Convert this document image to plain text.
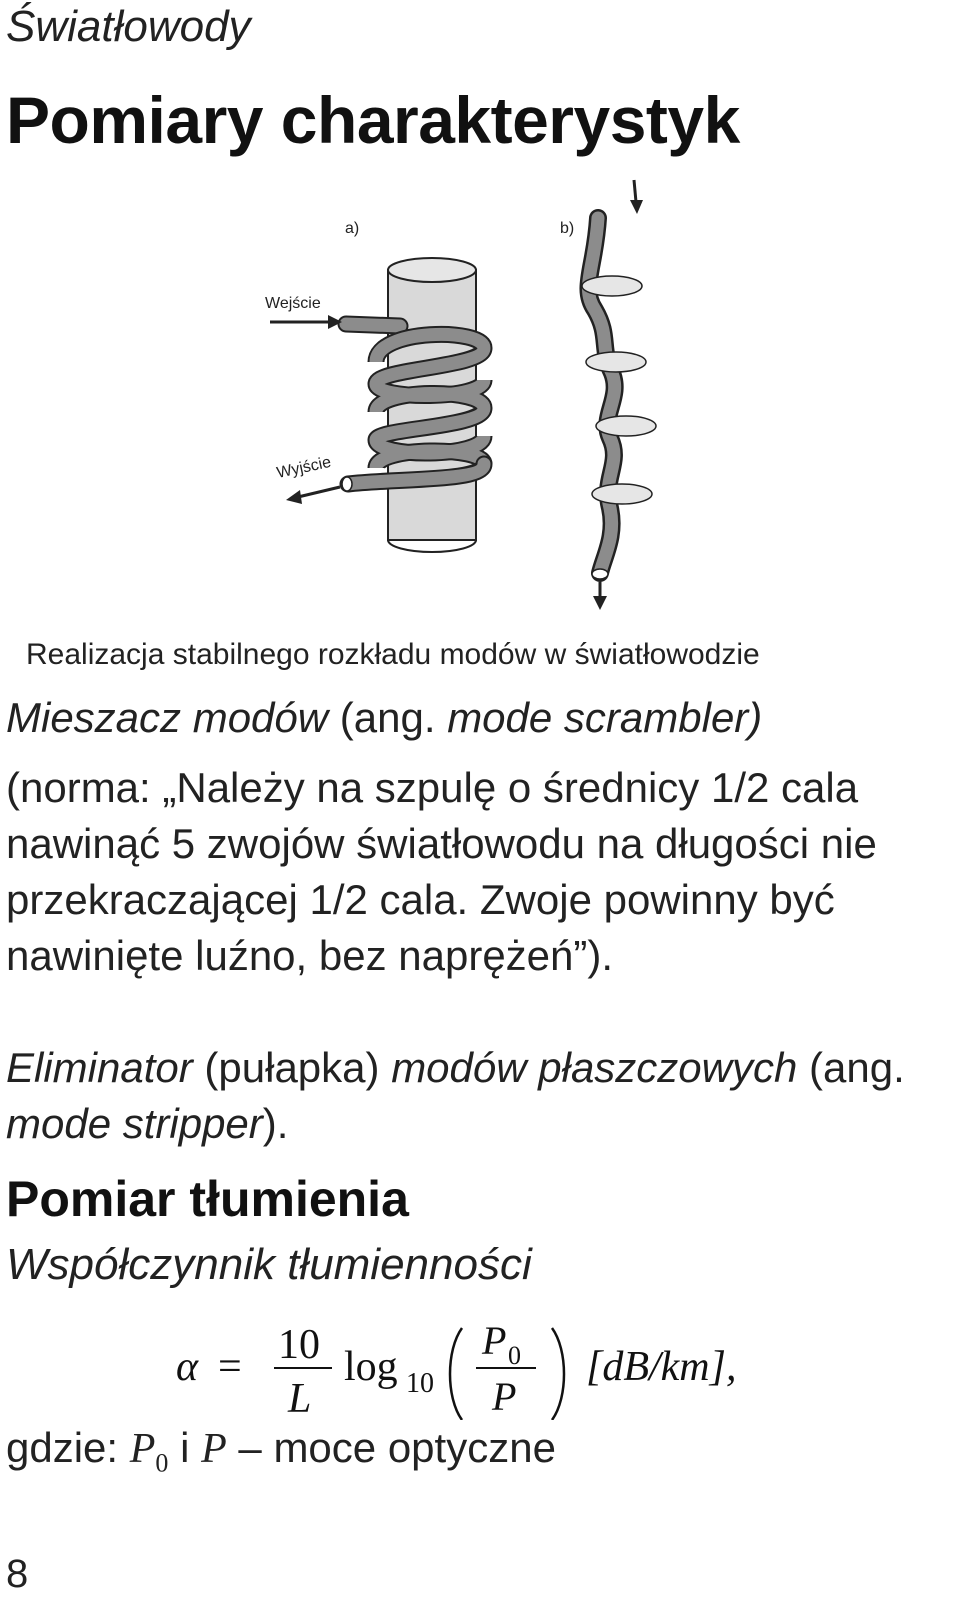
Światłowody
Pomiary charakterystyk
a)	b)
Wejście
Wyjście
Realizacja stabilnego rozkładu modów w światłowodzie
Mieszacz modów (ang. mode scrambler)
(norma: „Należy na szpulę o średnicy 1/2 cala nawinąć 5 zwojów światłowodu na długości nie przekraczającej 1/2 cala. Zwoje powinny być nawinięte luźno, bez naprężeń”).
Eliminator (pułapka) modów płaszczowych (ang. mode stripper).
Pomiar tłumienia
Współczynnik tłumienności
α = 10
L
log 10
P 0
P
[dB/km],
gdzie: $P_0$ i P – moce optyczne
8
